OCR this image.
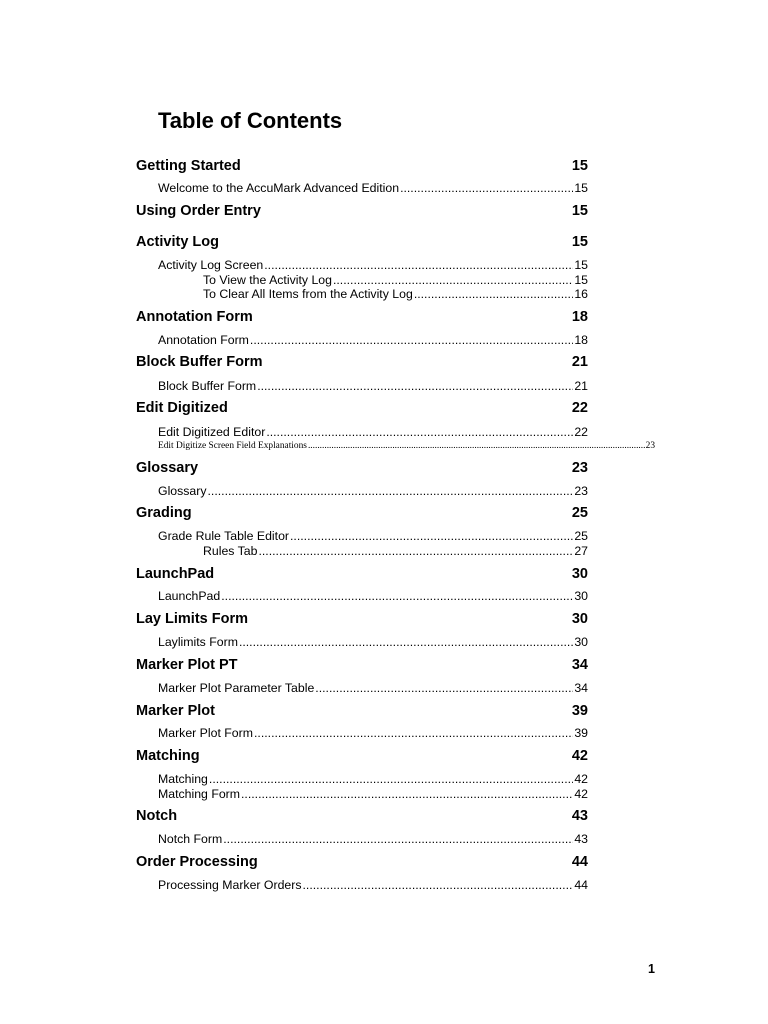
Table of Contents
Getting Started	15
Welcome to the AccuMark Advanced Edition .....	15
Using Order Entry	15
Activity Log	15
Activity Log Screen .....	15
To View the Activity Log .....	15
To Clear All Items from the Activity Log .....	16
Annotation Form	18
Annotation Form .....	18
Block Buffer Form	21
Block Buffer Form .....	21
Edit Digitized	22
Edit Digitized Editor .....	22
Edit Digitize Screen Field Explanations .....	23
Glossary	23
Glossary .....	23
Grading	25
Grade Rule Table Editor .....	25
Rules Tab .....	27
LaunchPad	30
LaunchPad .....	30
Lay Limits Form	30
Laylimits Form .....	30
Marker Plot PT	34
Marker Plot Parameter Table .....	34
Marker Plot	39
Marker Plot Form .....	39
Matching	42
Matching .....	42
Matching Form .....	42
Notch	43
Notch Form .....	43
Order Processing	44
Processing Marker Orders .....	44
1
